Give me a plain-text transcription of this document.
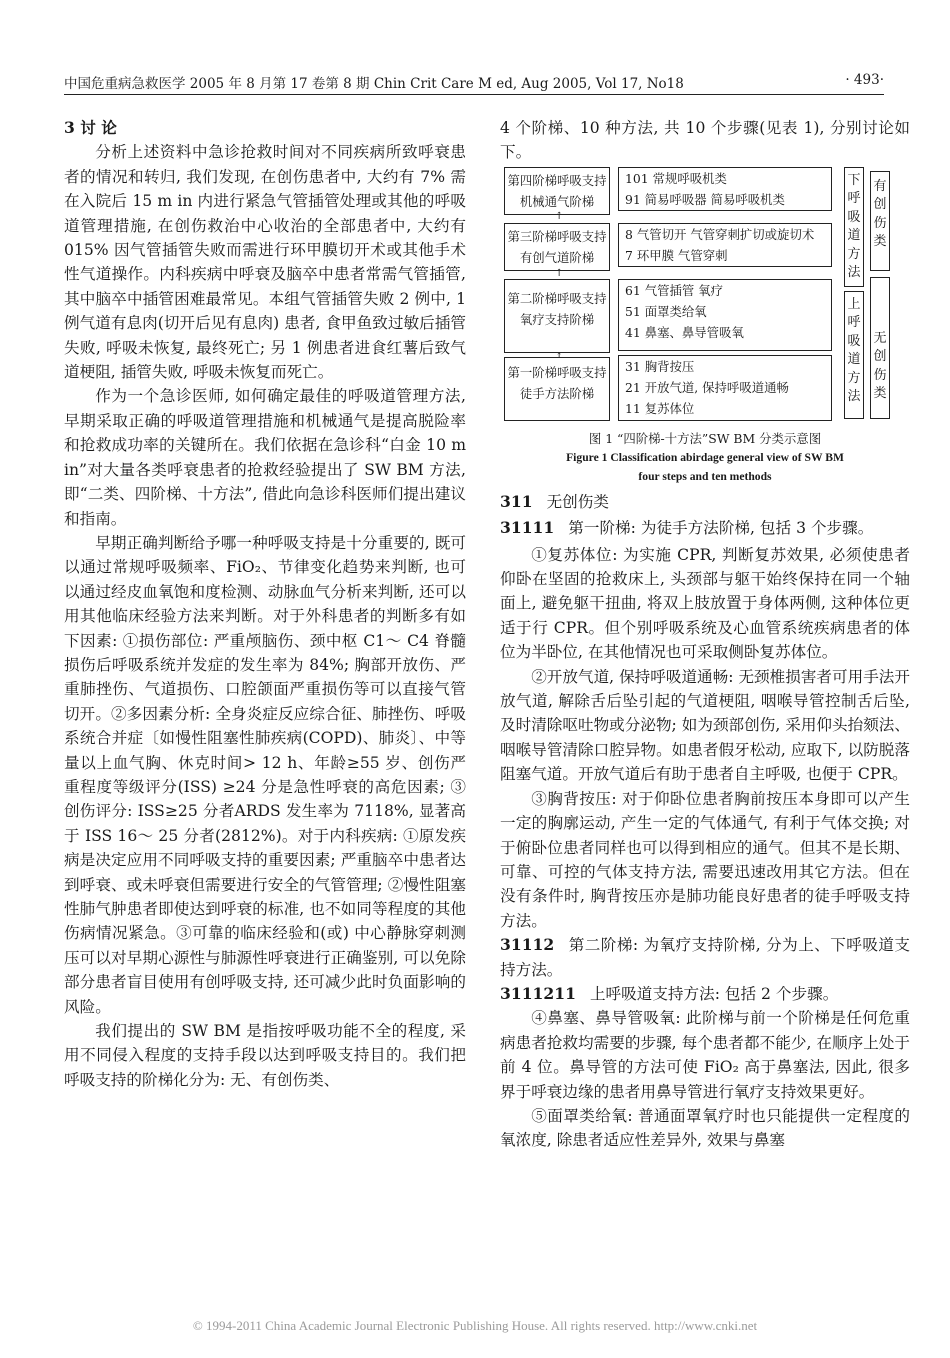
中国危重病急救医学 2005 年 8 月第 17 卷第 8 期 Chin Crit Care M ed, Aug 2005, Vol 17, No18	· 493·

3 讨 论

分析上述资料中急诊抢救时间对不同疾病所致呼衰患者的情况和转归, 我们发现, 在创伤患者中, 大约有 7% 需在入院后 15 m in 内进行紧急气管插管处理或其他的呼吸道管理措施, 在创伤救治中心收治的全部患者中, 大约有 015% 因气管插管失败而需进行环甲膜切开术或其他手术性气道操作。内科疾病中呼衰及脑卒中患者常需气管插管, 其中脑卒中插管困难最常见。本组气管插管失败 2 例中, 1 例气道有息肉(切开后见有息肉) 患者, 食甲鱼致过敏后插管失败, 呼吸未恢复, 最终死亡; 另 1 例患者进食红薯后致气道梗阻, 插管失败, 呼吸未恢复而死亡。

作为一个急诊医师, 如何确定最佳的呼吸道管理方法, 早期采取正确的呼吸道管理措施和机械通气是提高脱险率和抢救成功率的关键所在。我们依据在急诊科“白金 10 m in”对大量各类呼衰患者的抢救经验提出了 SW BM 方法, 即“二类、四阶梯、十方法”, 借此向急诊科医师们提出建议和指南。

早期正确判断给予哪一种呼吸支持是十分重要的, 既可以通过常规呼吸频率、FiO₂、节律变化趋势来判断, 也可以通过经皮血氧饱和度检测、动脉血气分析来判断, 还可以用其他临床经验方法来判断。对于外科患者的判断多有如下因素: ①损伤部位: 严重颅脑伤、颈中枢 C1～ C4 脊髓损伤后呼吸系统并发症的发生率为 84%; 胸部开放伤、严重肺挫伤、气道损伤、口腔颌面严重损伤等可以直接气管切开。②多因素分析: 全身炎症反应综合征、肺挫伤、呼吸系统合并症〔如慢性阻塞性肺疾病(COPD)、肺炎〕、中等量以上血气胸、休克时间> 12 h、年龄≥55 岁、创伤严重程度等级评分(ISS) ≥24 分是急性呼衰的高危因素; ③创伤评分: ISS≥25 分者ARDS 发生率为 7118%, 显著高于 ISS 16～ 25 分者(2812%)。对于内科疾病: ①原发疾病是决定应用不同呼吸支持的重要因素; 严重脑卒中患者达到呼衰、或未呼衰但需要进行安全的气管管理; ②慢性阻塞性肺气肿患者即使达到呼衰的标准, 也不如同等程度的其他伤病情况紧急。③可靠的临床经验和(或) 中心静脉穿刺测压可以对早期心源性与肺源性呼衰进行正确鉴别, 可以免除部分患者盲目使用有创呼吸支持, 还可减少此时负面影响的风险。

我们提出的 SW BM 是指按呼吸功能不全的程度, 采用不同侵入程度的支持手段以达到呼吸支持目的。我们把呼吸支持的阶梯化分为: 无、有创伤类、

4 个阶梯、10 种方法, 共 10 个步骤(见表 1), 分别讨论如下。

第四阶梯呼吸支持
机械通气阶梯
101 常规呼吸机类
91 简易呼吸器 简易呼吸机类
↑
第三阶梯呼吸支持
有创气道阶梯
8 气管切开 气管穿刺扩切或旋切术
7 环甲膜 气管穿刺
↑
第二阶梯呼吸支持
氧疗支持阶梯
61 气管插管 氧疗
51 面罩类给氧
41 鼻塞、鼻导管吸氧
第一阶梯呼吸支持
徒手方法阶梯
31 胸背按压
21 开放气道, 保持呼吸道通畅
11 复苏体位
下呼吸道方法
上呼吸道方法
有创伤类
无创伤类
图 1 “四阶梯-十方法”SW BM 分类示意图
Figure 1 Classification abirdage general view of SW BM
four steps and ten methods
311 无创伤类
31111 第一阶梯: 为徒手方法阶梯, 包括 3 个步骤。

①复苏体位: 为实施 CPR, 判断复苏效果, 必须使患者仰卧在坚固的抢救床上, 头颈部与躯干始终保持在同一个轴面上, 避免躯干扭曲, 将双上肢放置于身体两侧, 这种体位更适于行 CPR。但个别呼吸系统及心血管系统疾病患者的体位为半卧位, 在其他情况也可采取侧卧复苏体位。

②开放气道, 保持呼吸道通畅: 无颈椎损害者可用手法开放气道, 解除舌后坠引起的气道梗阻, 咽喉导管控制舌后坠, 及时清除呕吐物或分泌物; 如为颈部创伤, 采用仰头抬颏法、咽喉导管清除口腔异物。如患者假牙松动, 应取下, 以防脱落阻塞气道。开放气道后有助于患者自主呼吸, 也便于 CPR。

③胸背按压: 对于仰卧位患者胸前按压本身即可以产生一定的胸廓运动, 产生一定的气体通气, 有利于气体交换; 对于俯卧位患者同样也可以得到相应的通气。但其不是长期、可靠、可控的气体支持方法, 需要迅速改用其它方法。但在没有条件时, 胸背按压亦是肺功能良好患者的徒手呼吸支持方法。

31112 第二阶梯: 为氧疗支持阶梯, 分为上、下呼吸道支持方法。
3111211 上呼吸道支持方法: 包括 2 个步骤。

④鼻塞、鼻导管吸氧: 此阶梯与前一个阶梯是任何危重病患者抢救均需要的步骤, 每个患者都不能少, 在顺序上处于前 4 位。鼻导管的方法可使 FiO₂ 高于鼻塞法, 因此, 很多界于呼衰边缘的患者用鼻导管进行氧疗支持效果更好。

⑤面罩类给氧: 普通面罩氧疗时也只能提供一定程度的氧浓度, 除患者适应性差异外, 效果与鼻塞

© 1994-2011 China Academic Journal Electronic Publishing House. All rights reserved. http://www.cnki.net
